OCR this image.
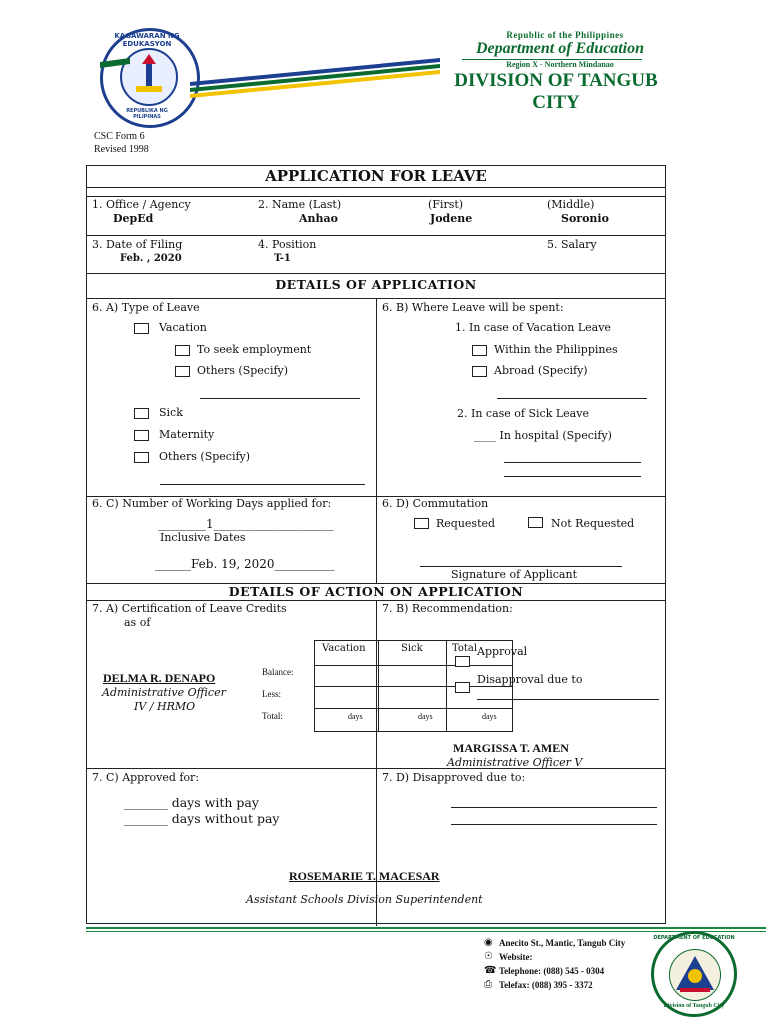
KAGAWARAN NG EDUKASYON
REPUBLIKA NG PILIPINAS
Republic of the Philippines
Department of Education
Region X - Northern Mindanao
DIVISION OF TANGUB CITY
CSC Form 6
Revised 1998
APPLICATION FOR LEAVE
1. Office / Agency
DepEd
2. Name (Last)
Anhao
(First)
Jodene
(Middle)
Soronio
3. Date of Filing
Feb. , 2020
4. Position
T-1
5. Salary
DETAILS OF APPLICATION
6. A) Type of Leave
Vacation
To seek employment
Others (Specify)
Sick
Maternity
Others (Specify)
6. B) Where Leave will be spent:
1. In case of Vacation Leave
Within the Philippines
Abroad (Specify)
2. In case of Sick Leave
____ In hospital (Specify)
6. C) Number of Working Days applied for:
________1____________________
Inclusive Dates
______Feb. 19, 2020__________
6. D) Commutation
Requested	Not Requested
Signature of Applicant
DETAILS OF ACTION ON APPLICATION
7. A) Certification of Leave Credits
as of
Vacation	Sick	Total
Balance:
Less:
Total:	days	days	days
DELMA R. DENAPO
Administrative Officer
IV / HRMO
7. B) Recommendation:
Approval
Disapproval due to
MARGISSA T. AMEN
Administrative Officer V
7. C) Approved for:
_______ days with pay
_______ days without pay
7. D) Disapproved due to:
ROSEMARIE T. MACESAR
Assistant Schools Division Superintendent
◉ Anecito St., Mantic, Tangub City
☉ Website:
☎ Telephone: (088) 545 - 0304
⎙ Telefax: (088) 395 - 3372
DEPARTMENT OF EDUCATION
Division of Tangub City
